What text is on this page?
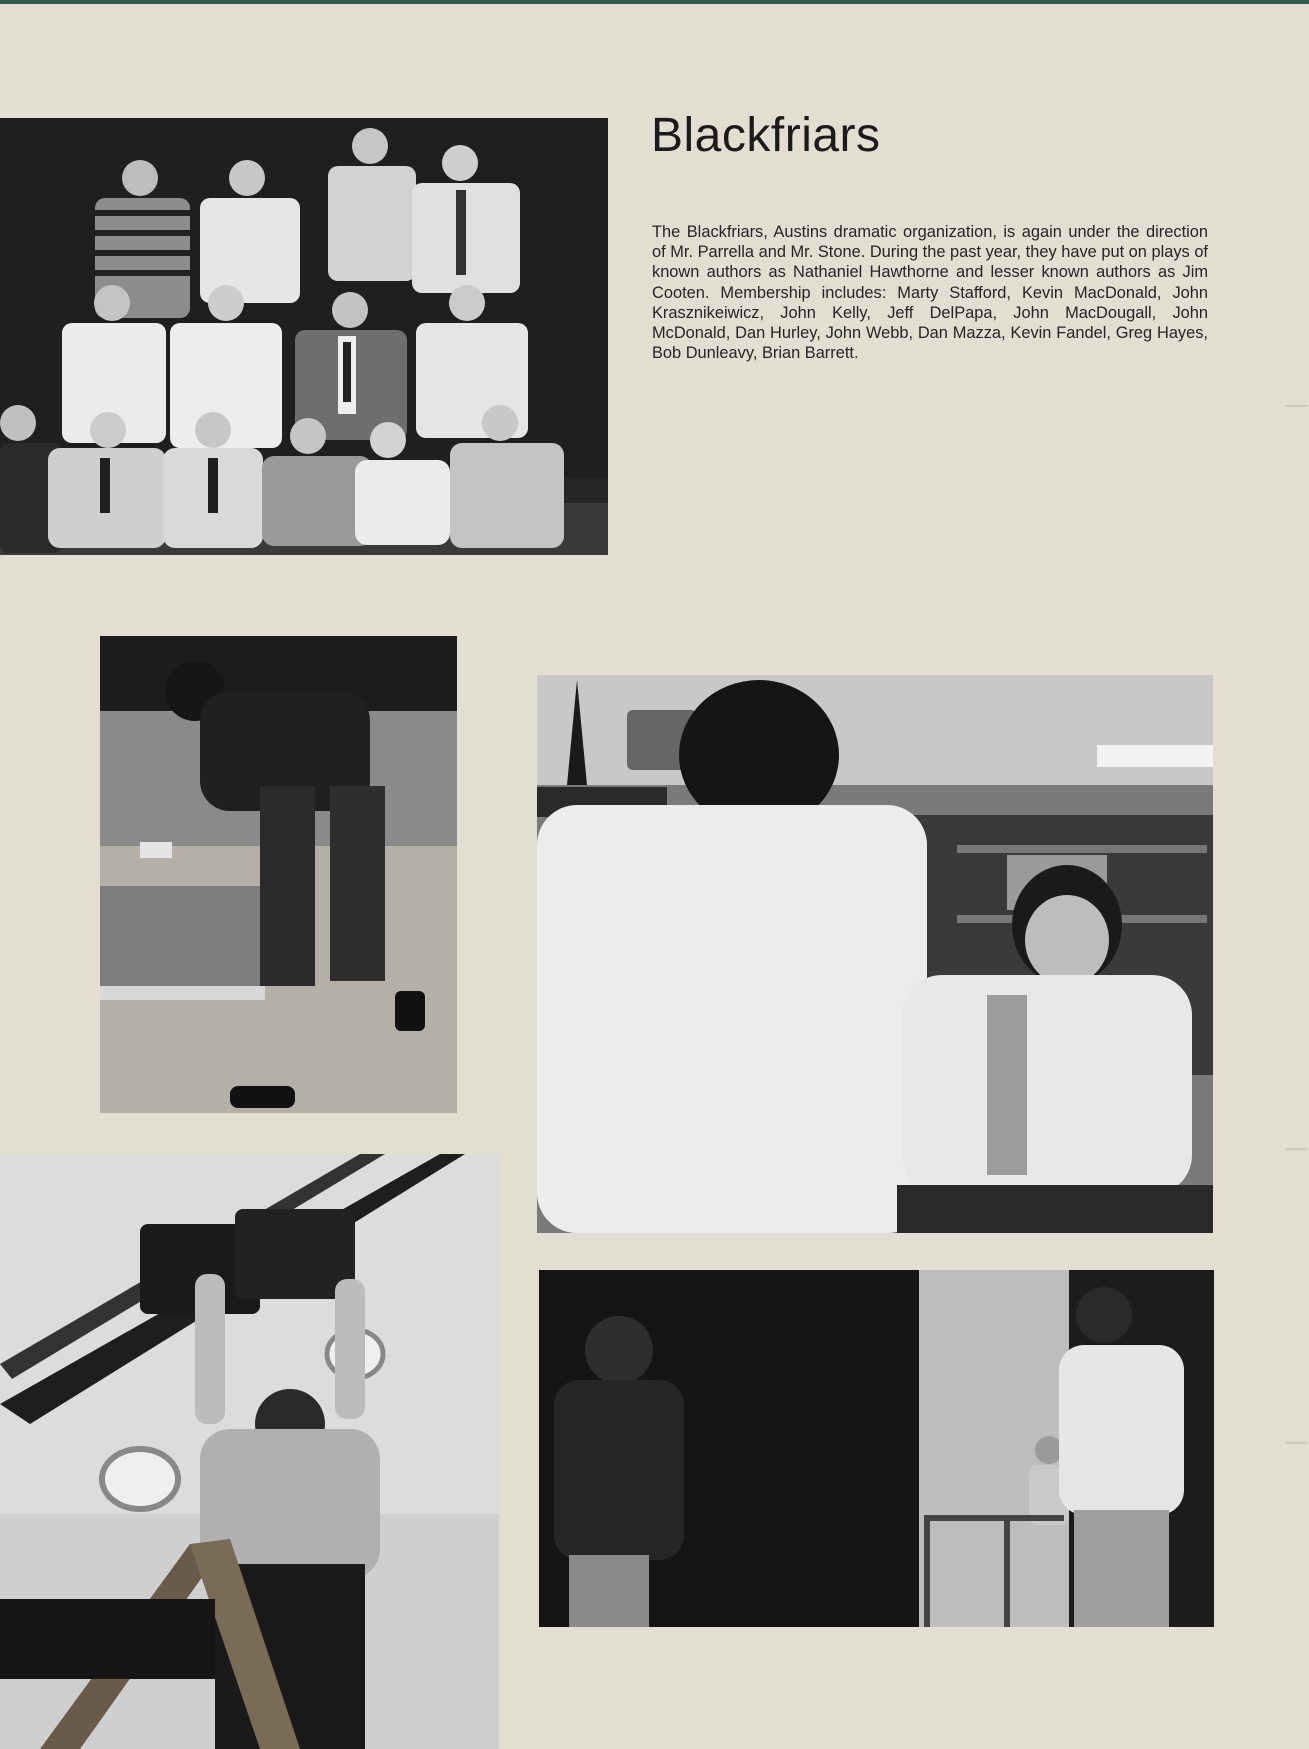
Blackfriars

The Blackfriars, Austins dramatic organization, is again under the direction of Mr. Parrella and Mr. Stone. During the past year, they have put on plays of known authors as Nathaniel Hawthorne and lesser known authors as Jim Cooten. Membership includes: Marty Stafford, Kevin MacDonald, John Krasznikeiwicz, John Kelly, Jeff DelPapa, John MacDougall, John McDonald, Dan Hurley, John Webb, Dan Mazza, Kevin Fandel, Greg Hayes, Bob Dunleavy, Brian Barrett.
